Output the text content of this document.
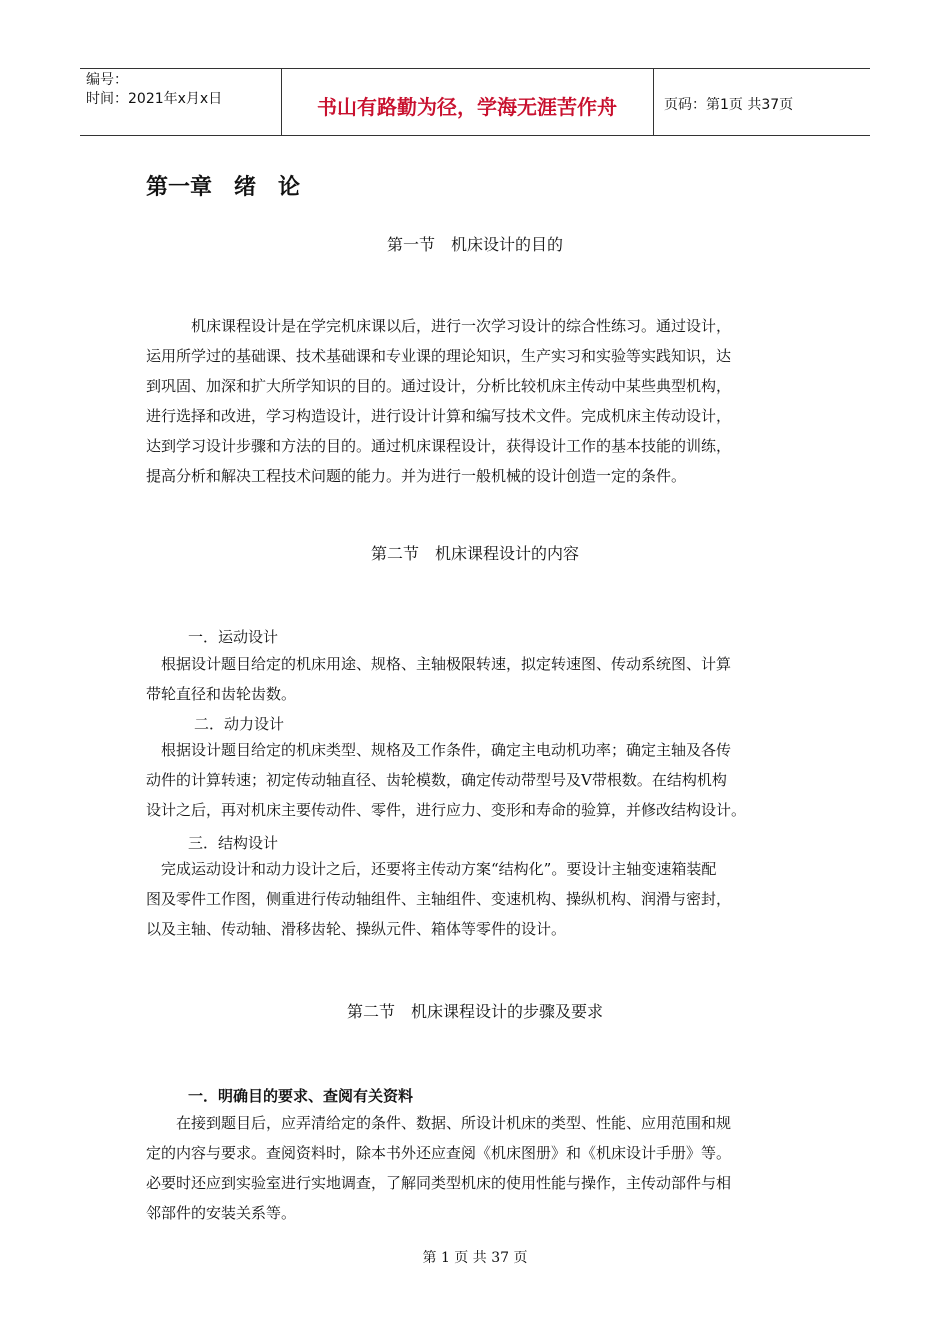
编号：
时间：2021年x月x日	书山有路勤为径，学海无涯苦作舟	页码：第1页 共37页
第一章　绪　论
第一节　机床设计的目的

　　　机床课程设计是在学完机床课以后，进行一次学习设计的综合性练习。通过设计，
运用所学过的基础课、技术基础课和专业课的理论知识，生产实习和实验等实践知识，达
到巩固、加深和扩大所学知识的目的。通过设计，分析比较机床主传动中某些典型机构，
进行选择和改进，学习构造设计，进行设计计算和编写技术文件。完成机床主传动设计，
达到学习设计步骤和方法的目的。通过机床课程设计，获得设计工作的基本技能的训练，
提高分析和解决工程技术问题的能力。并为进行一般机械的设计创造一定的条件。

第二节　机床课程设计的内容
一．运动设计

　根据设计题目给定的机床用途、规格、主轴极限转速，拟定转速图、传动系统图、计算
带轮直径和齿轮齿数。

二．动力设计

　根据设计题目给定的机床类型、规格及工作条件，确定主电动机功率；确定主轴及各传
动件的计算转速；初定传动轴直径、齿轮模数，确定传动带型号及V带根数。在结构机构
设计之后，再对机床主要传动件、零件，进行应力、变形和寿命的验算，并修改结构设计。

三．结构设计

　完成运动设计和动力设计之后，还要将主传动方案“结构化”。要设计主轴变速箱装配
图及零件工作图，侧重进行传动轴组件、主轴组件、变速机构、操纵机构、润滑与密封，
以及主轴、传动轴、滑移齿轮、操纵元件、箱体等零件的设计。

第二节　机床课程设计的步骤及要求
一．明确目的要求、查阅有关资料

　　在接到题目后，应弄清给定的条件、数据、所设计机床的类型、性能、应用范围和规
定的内容与要求。查阅资料时，除本书外还应查阅《机床图册》和《机床设计手册》等。
必要时还应到实验室进行实地调查，了解同类型机床的使用性能与操作，主传动部件与相
邻部件的安装关系等。

第 1 页 共 37 页
